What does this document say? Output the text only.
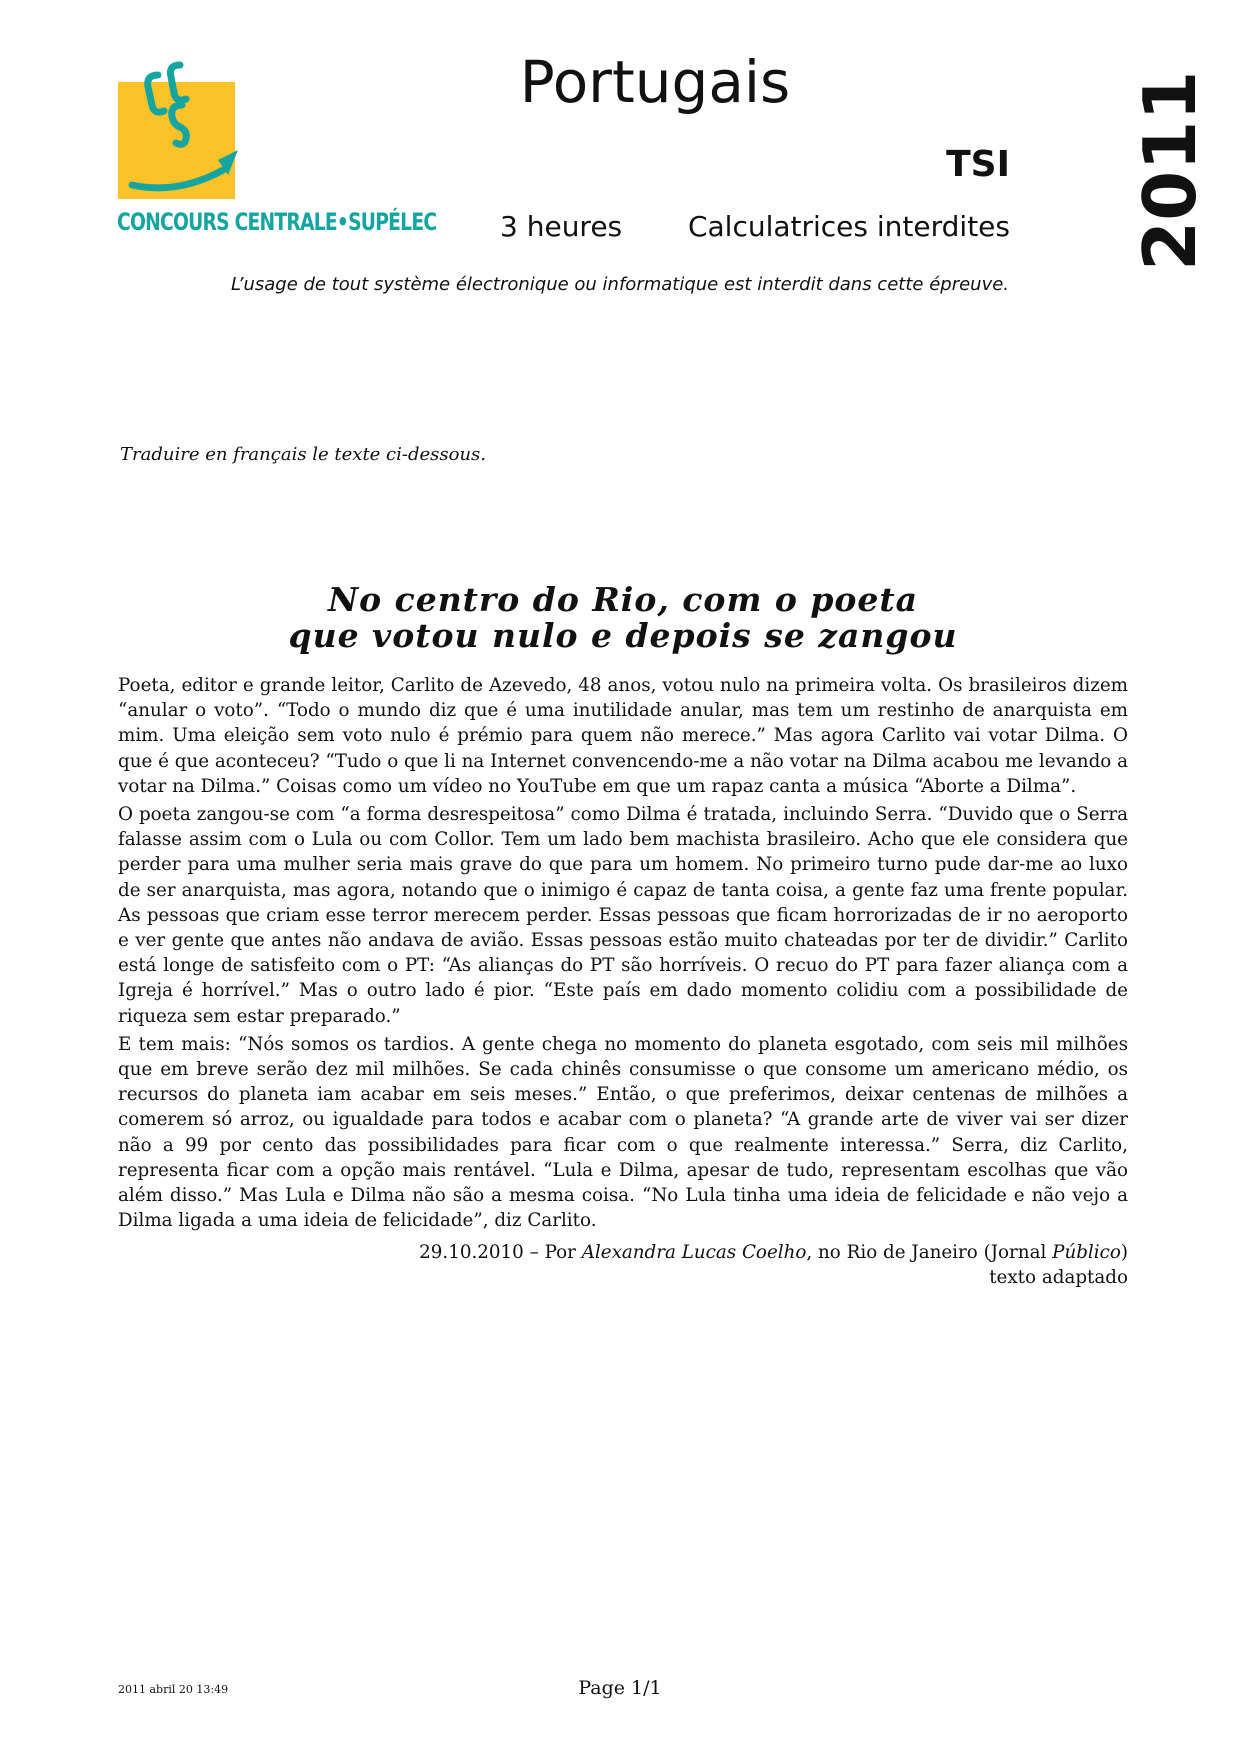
CONCOURS CENTRALE•SUPÉLEC
Portugais
TSI 2011
3 heures Calculatrices interdites
L’usage de tout système électronique ou informatique est interdit dans cette épreuve.
Traduire en français le texte ci-dessous.
No centro do Rio, com o poeta
que votou nulo e depois se zangou

Poeta, editor e grande leitor, Carlito de Azevedo, 48 anos, votou nulo na primeira volta. Os brasileiros dizem “anular o voto”. “Todo o mundo diz que é uma inutilidade anular, mas tem um restinho de anarquista em mim. Uma eleição sem voto nulo é prémio para quem não merece.” Mas agora Carlito vai votar Dilma. O que é que aconteceu? “Tudo o que li na Internet convencendo-me a não votar na Dilma acabou me levando a votar na Dilma.” Coisas como um vídeo no YouTube em que um rapaz canta a música “Aborte a Dilma”.

O poeta zangou-se com “a forma desrespeitosa” como Dilma é tratada, incluindo Serra. “Duvido que o Serra falasse assim com o Lula ou com Collor. Tem um lado bem machista brasileiro. Acho que ele considera que perder para uma mulher seria mais grave do que para um homem. No primeiro turno pude dar-me ao luxo de ser anarquista, mas agora, notando que o inimigo é capaz de tanta coisa, a gente faz uma frente popular. As pessoas que criam esse terror merecem perder. Essas pessoas que ficam horrorizadas de ir no aeroporto e ver gente que antes não andava de avião. Essas pessoas estão muito chateadas por ter de dividir.” Carlito está longe de satisfeito com o PT: “As alianças do PT são horríveis. O recuo do PT para fazer aliança com a Igreja é horrível.” Mas o outro lado é pior. “Este país em dado momento colidiu com a possibilidade de riqueza sem estar preparado.”

E tem mais: “Nós somos os tardios. A gente chega no momento do planeta esgotado, com seis mil milhões que em breve serão dez mil milhões. Se cada chinês consumisse o que consome um americano médio, os recursos do planeta iam acabar em seis meses.” Então, o que preferimos, deixar centenas de milhões a comerem só arroz, ou igualdade para todos e acabar com o planeta? “A grande arte de viver vai ser dizer não a 99 por cento das possibilidades para ficar com o que realmente interessa.” Serra, diz Carlito, representa ficar com a opção mais rentável. “Lula e Dilma, apesar de tudo, representam escolhas que vão além disso.” Mas Lula e Dilma não são a mesma coisa. “No Lula tinha uma ideia de felicidade e não vejo a Dilma ligada a uma ideia de felicidade”, diz Carlito.

29.10.2010 – Por Alexandra Lucas Coelho, no Rio de Janeiro (Jornal Público)
texto adaptado
2011 abril 20 13:49	Page 1/1
